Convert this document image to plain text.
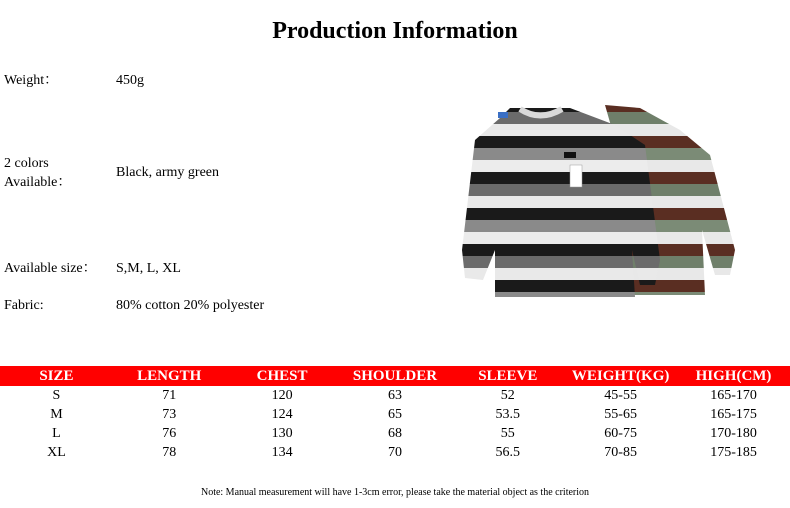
Production Information
Weight：	450g
2 colors
Available：
Black, army green
Available size： S,M, L, XL
Fabric:	80% cotton 20% polyester
SIZE	LENGTH	CHEST	SHOULDER	SLEEVE	WEIGHT(KG)	HIGH(CM)
S	71	120	63	52	45-55	165-170
M	73	124	65	53.5	55-65	165-175
L	76	130	68	55	60-75	170-180
XL	78	134	70	56.5	70-85	175-185
Note: Manual measurement will have 1-3cm error, please take the material object as the criterion
